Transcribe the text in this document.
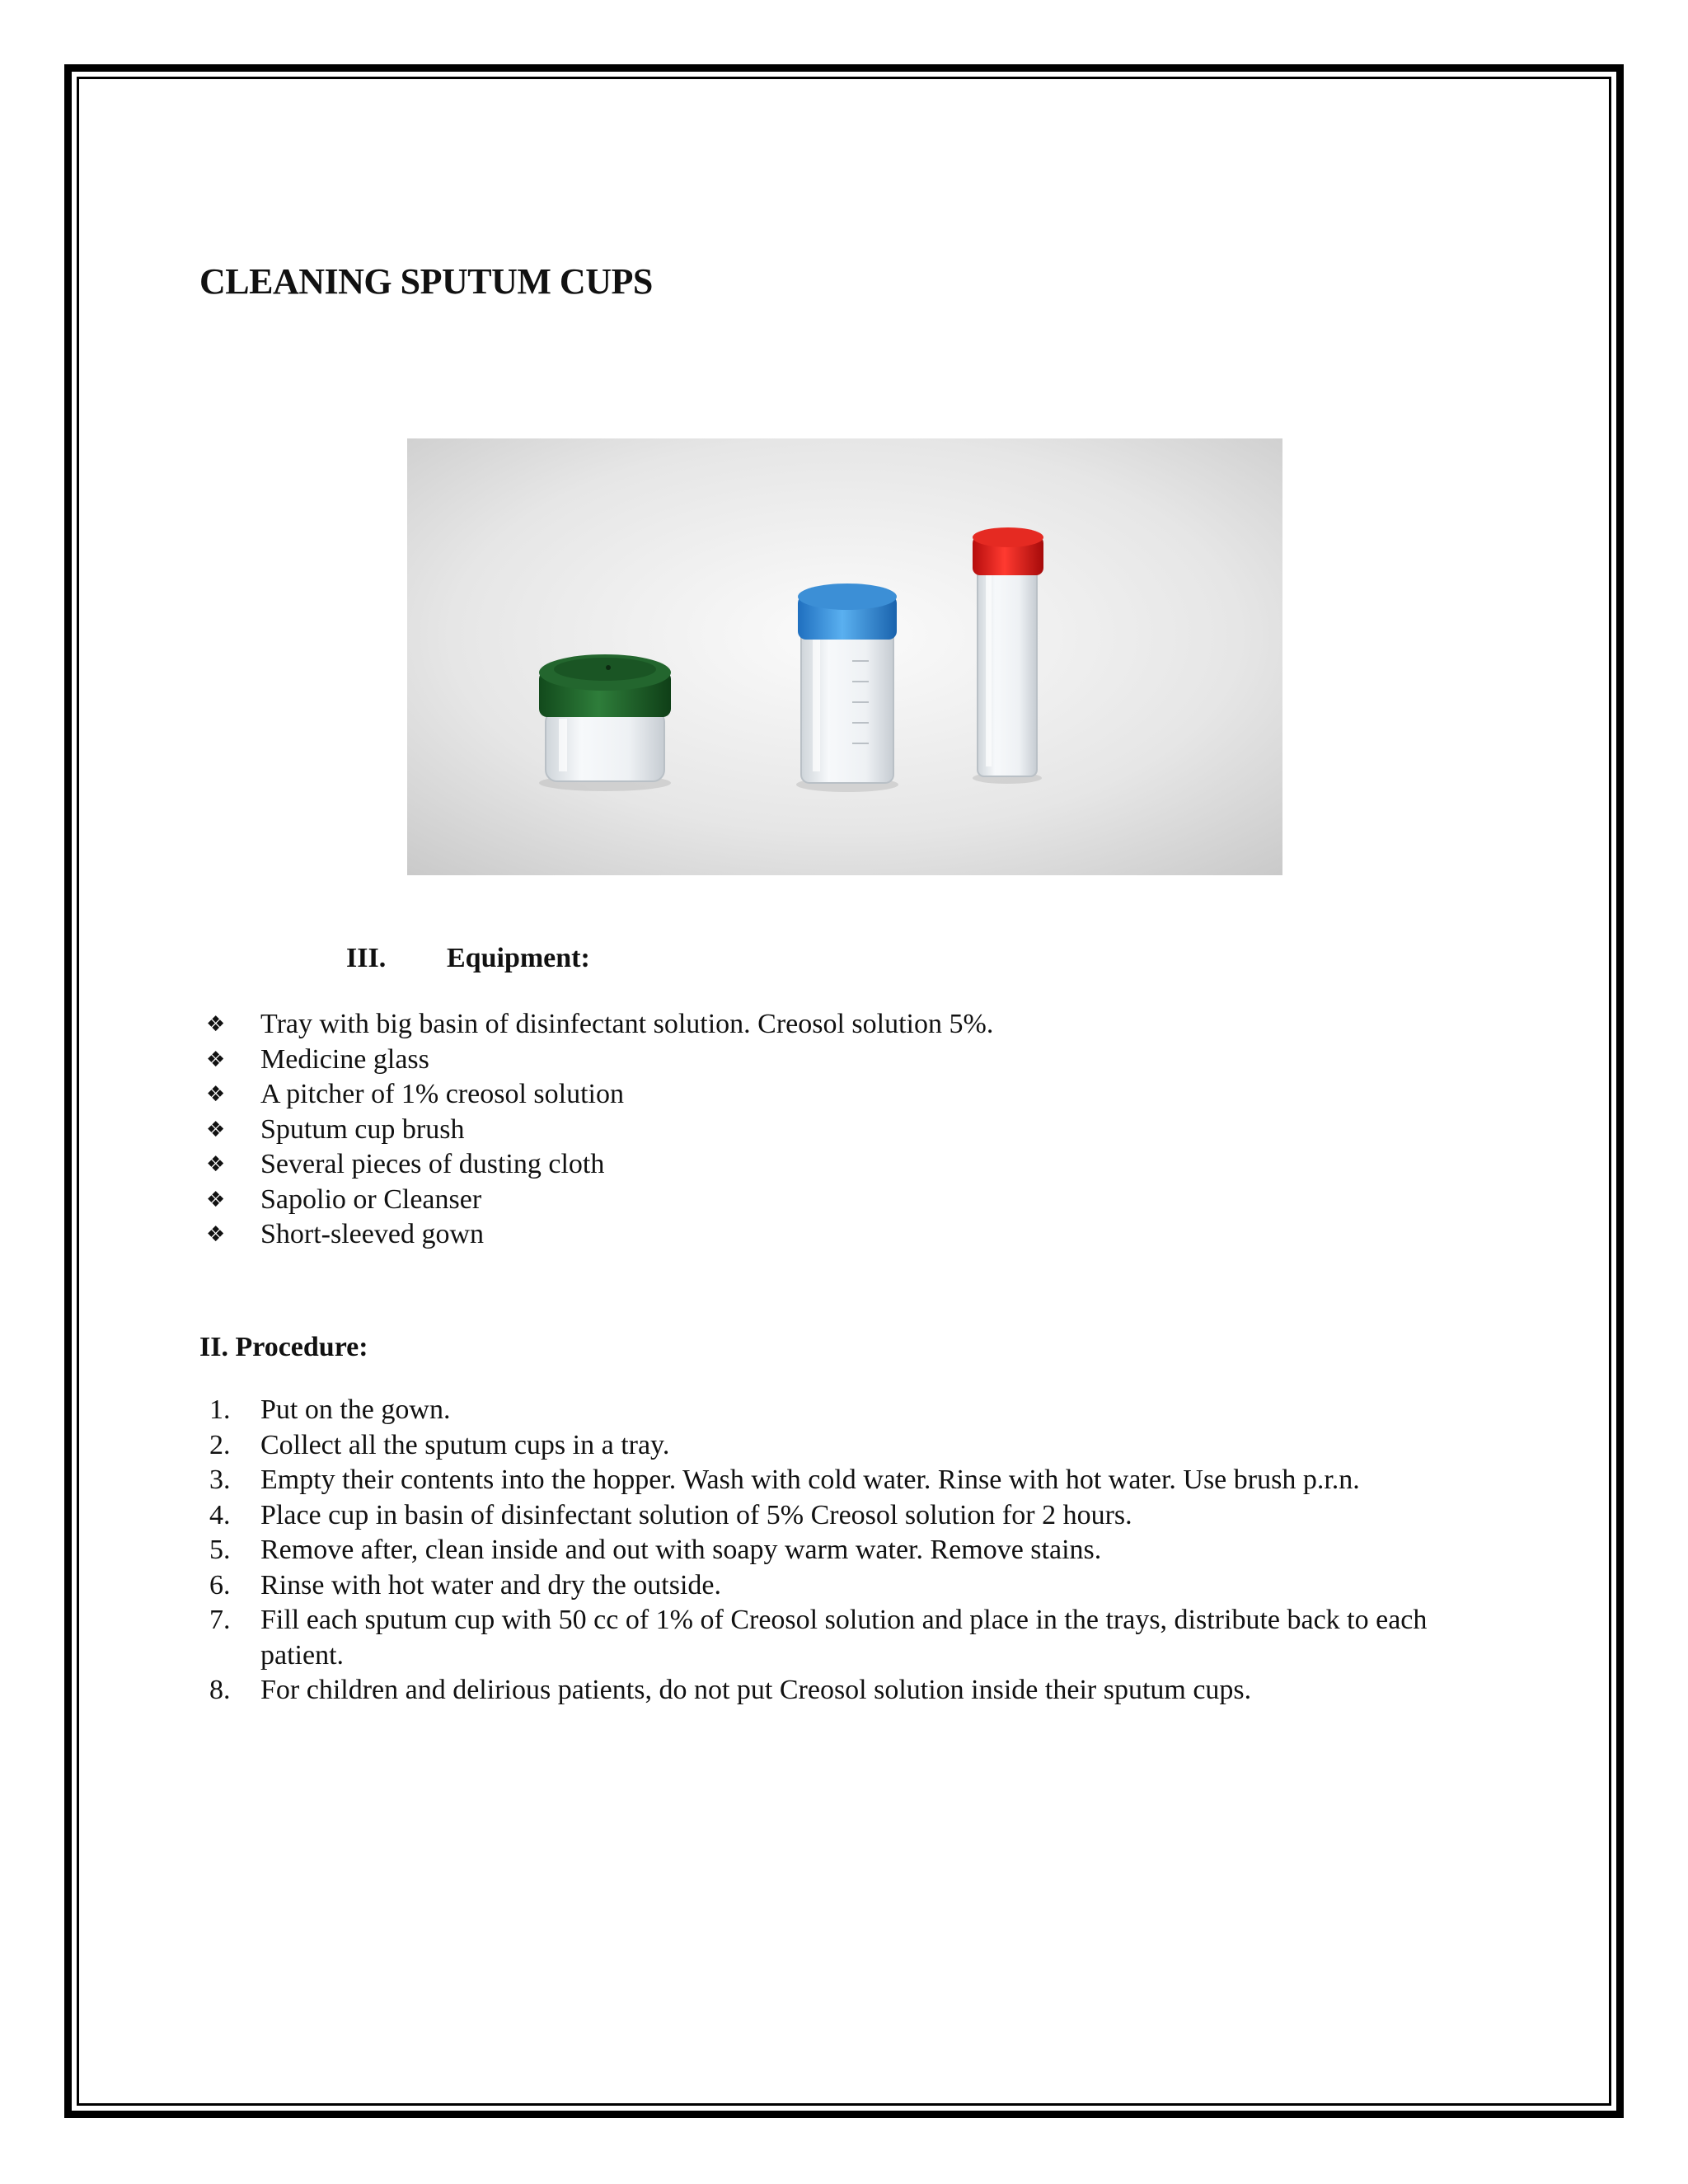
CLEANING SPUTUM CUPS
III. Equipment:
❖ Tray with big basin of disinfectant solution. Creosol solution 5%.
❖ Medicine glass
❖ A pitcher of 1% creosol solution
❖ Sputum cup brush
❖ Several pieces of dusting cloth
❖ Sapolio or Cleanser
❖ Short-sleeved gown
II. Procedure:
1. Put on the gown.
2. Collect all the sputum cups in a tray.
3. Empty their contents into the hopper. Wash with cold water. Rinse with hot water. Use brush p.r.n.
4. Place cup in basin of disinfectant solution of 5% Creosol solution for 2 hours.
5. Remove after, clean inside and out with soapy warm water. Remove stains.
6. Rinse with hot water and dry the outside.
7. Fill each sputum cup with 50 cc of 1% of Creosol solution and place in the trays, distribute back to each patient.
8. For children and delirious patients, do not put Creosol solution inside their sputum cups.
